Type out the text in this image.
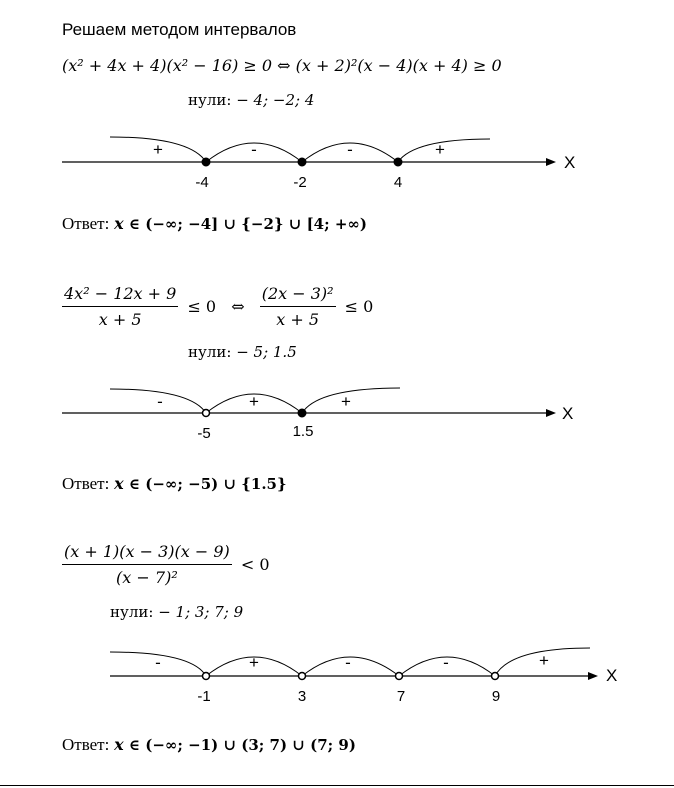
Решаем методом интервалов
(x² + 4x + 4)(x² − 16) ≥ 0 ⇔ (x + 2)²(x − 4)(x + 4) ≥ 0
нули: − 4; −2; 4
X
+	-	-	+
-4	-2	4
Ответ: x ∈ (−∞; −4] ∪ {−2} ∪ [4; +∞)
$\frac{\text{4x² − 12x + 9}}{x + 5} \le 0$ ⇔ $\frac{\text{(2x − 3)²}}{x + 5} \le 0$
нули: − 5; 1.5
X
-	+	+
-5	1.5
Ответ: x ∈ (−∞; −5) ∪ {1.5}
$\frac{(x + 1)(x - 3)(x - 9)}{\text{(x − 7)²}} < 0$
нули: − 1; 3; 7; 9
X
-	+	-	-	+
-1	3	7	9
Ответ: x ∈ (−∞; −1) ∪ (3; 7) ∪ (7; 9)
